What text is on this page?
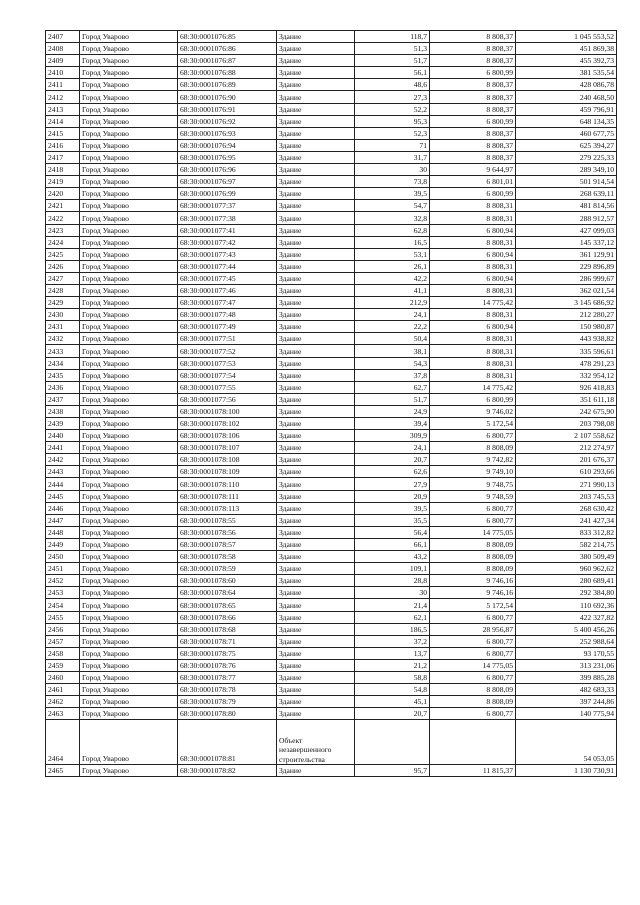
2407	Город Уварово	68:30:0001076:85	Здание	118,7	8 808,37	1 045 553,52
2408	Город Уварово	68:30:0001076:86	Здание	51,3	8 808,37	451 869,38
2409	Город Уварово	68:30:0001076:87	Здание	51,7	8 808,37	455 392,73
2410	Город Уварово	68:30:0001076:88	Здание	56,1	6 800,99	381 535,54
2411	Город Уварово	68:30:0001076:89	Здание	48,6	8 808,37	428 086,78
2412	Город Уварово	68:30:0001076:90	Здание	27,3	8 808,37	240 468,50
2413	Город Уварово	68:30:0001076:91	Здание	52,2	8 808,37	459 796,91
2414	Город Уварово	68:30:0001076:92	Здание	95,3	6 800,99	648 134,35
2415	Город Уварово	68:30:0001076:93	Здание	52,3	8 808,37	460 677,75
2416	Город Уварово	68:30:0001076:94	Здание	71	8 808,37	625 394,27
2417	Город Уварово	68:30:0001076:95	Здание	31,7	8 808,37	279 225,33
2418	Город Уварово	68:30:0001076:96	Здание	30	9 644,97	289 349,10
2419	Город Уварово	68:30:0001076:97	Здание	73,8	6 801,01	501 914,54
2420	Город Уварово	68:30:0001076:99	Здание	39,5	6 800,99	268 639,11
2421	Город Уварово	68:30:0001077:37	Здание	54,7	8 808,31	481 814,56
2422	Город Уварово	68:30:0001077:38	Здание	32,8	8 808,31	288 912,57
2423	Город Уварово	68:30:0001077:41	Здание	62,8	6 800,94	427 099,03
2424	Город Уварово	68:30:0001077:42	Здание	16,5	8 808,31	145 337,12
2425	Город Уварово	68:30:0001077:43	Здание	53,1	6 800,94	361 129,91
2426	Город Уварово	68:30:0001077:44	Здание	26,1	8 808,31	229 896,89
2427	Город Уварово	68:30:0001077:45	Здание	42,2	6 800,94	286 999,67
2428	Город Уварово	68:30:0001077:46	Здание	41,1	8 808,31	362 021,54
2429	Город Уварово	68:30:0001077:47	Здание	212,9	14 775,42	3 145 686,92
2430	Город Уварово	68:30:0001077:48	Здание	24,1	8 808,31	212 280,27
2431	Город Уварово	68:30:0001077:49	Здание	22,2	6 800,94	150 980,87
2432	Город Уварово	68:30:0001077:51	Здание	50,4	8 808,31	443 938,82
2433	Город Уварово	68:30:0001077:52	Здание	38,1	8 808,31	335 596,61
2434	Город Уварово	68:30:0001077:53	Здание	54,3	8 808,31	478 291,23
2435	Город Уварово	68:30:0001077:54	Здание	37,8	8 808,31	332 954,12
2436	Город Уварово	68:30:0001077:55	Здание	62,7	14 775,42	926 418,83
2437	Город Уварово	68:30:0001077:56	Здание	51,7	6 800,99	351 611,18
2438	Город Уварово	68:30:0001078:100	Здание	24,9	9 746,02	242 675,90
2439	Город Уварово	68:30:0001078:102	Здание	39,4	5 172,54	203 798,08
2440	Город Уварово	68:30:0001078:106	Здание	309,9	6 800,77	2 107 558,62
2441	Город Уварово	68:30:0001078:107	Здание	24,1	8 808,09	212 274,97
2442	Город Уварово	68:30:0001078:108	Здание	20,7	9 742,82	201 676,37
2443	Город Уварово	68:30:0001078:109	Здание	62,6	9 749,10	610 293,66
2444	Город Уварово	68:30:0001078:110	Здание	27,9	9 748,75	271 990,13
2445	Город Уварово	68:30:0001078:111	Здание	20,9	9 748,59	203 745,53
2446	Город Уварово	68:30:0001078:113	Здание	39,5	6 800,77	268 630,42
2447	Город Уварово	68:30:0001078:55	Здание	35,5	6 800,77	241 427,34
2448	Город Уварово	68:30:0001078:56	Здание	56,4	14 775,05	833 312,82
2449	Город Уварово	68:30:0001078:57	Здание	66,1	8 808,09	582 214,75
2450	Город Уварово	68:30:0001078:58	Здание	43,2	8 808,09	380 509,49
2451	Город Уварово	68:30:0001078:59	Здание	109,1	8 808,09	960 962,62
2452	Город Уварово	68:30:0001078:60	Здание	28,8	9 746,16	280 689,41
2453	Город Уварово	68:30:0001078:64	Здание	30	9 746,16	292 384,80
2454	Город Уварово	68:30:0001078:65	Здание	21,4	5 172,54	110 692,36
2455	Город Уварово	68:30:0001078:66	Здание	62,1	6 800,77	422 327,82
2456	Город Уварово	68:30:0001078:68	Здание	186,5	28 956,87	5 400 456,26
2457	Город Уварово	68:30:0001078:71	Здание	37,2	6 800,77	252 988,64
2458	Город Уварово	68:30:0001078:75	Здание	13,7	6 800,77	93 170,55
2459	Город Уварово	68:30:0001078:76	Здание	21,2	14 775,05	313 231,06
2460	Город Уварово	68:30:0001078:77	Здание	58,8	6 800,77	399 885,28
2461	Город Уварово	68:30:0001078:78	Здание	54,8	8 808,09	482 683,33
2462	Город Уварово	68:30:0001078:79	Здание	45,1	8 808,09	397 244,86
2463	Город Уварово	68:30:0001078:80	Здание	20,7	6 800,77	140 775,94
2464	Город Уварово	68:30:0001078:81	Объект незавершенного строительства			54 053,05
2465	Город Уварово	68:30:0001078:82	Здание	95,7	11 815,37	1 130 730,91
